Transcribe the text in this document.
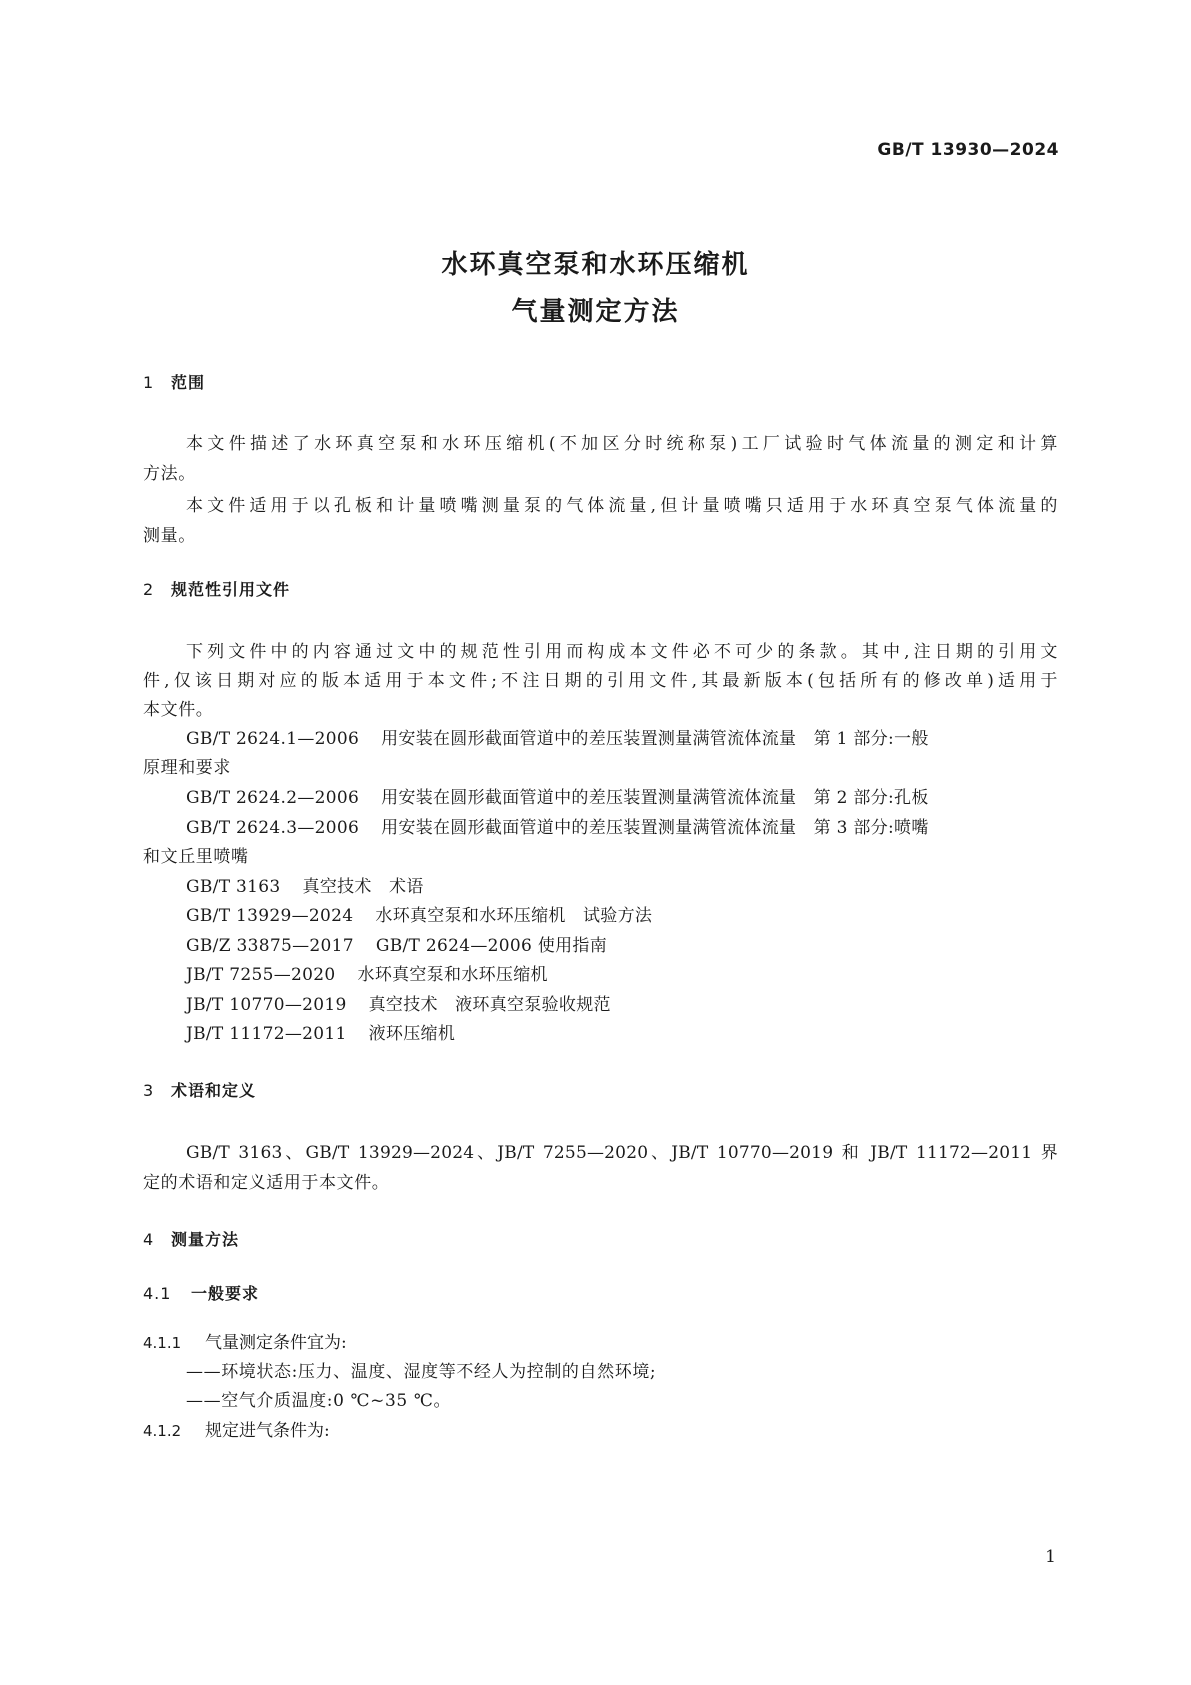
GB/T 13930—2024
水环真空泵和水环压缩机
气量测定方法
1 范围
本文件描述了水环真空泵和水环压缩机(不加区分时统称泵)工厂试验时气体流量的测定和计算
方法。
本文件适用于以孔板和计量喷嘴测量泵的气体流量,但计量喷嘴只适用于水环真空泵气体流量的
测量。
2 规范性引用文件
下列文件中的内容通过文中的规范性引用而构成本文件必不可少的条款。其中,注日期的引用文
件,仅该日期对应的版本适用于本文件;不注日期的引用文件,其最新版本(包括所有的修改单)适用于
本文件。
GB/T 2624.1—2006 用安装在圆形截面管道中的差压装置测量满管流体流量　第 1 部分:一般
原理和要求
GB/T 2624.2—2006 用安装在圆形截面管道中的差压装置测量满管流体流量　第 2 部分:孔板
GB/T 2624.3—2006 用安装在圆形截面管道中的差压装置测量满管流体流量　第 3 部分:喷嘴
和文丘里喷嘴
GB/T 3163 真空技术　术语
GB/T 13929—2024 水环真空泵和水环压缩机　试验方法
GB/Z 33875—2017 GB/T 2624—2006 使用指南
JB/T 7255—2020 水环真空泵和水环压缩机
JB/T 10770—2019 真空技术　液环真空泵验收规范
JB/T 11172—2011 液环压缩机
3 术语和定义
GB/T 3163、GB/T 13929—2024、JB/T 7255—2020、JB/T 10770—2019 和 JB/T 11172—2011 界
定的术语和定义适用于本文件。
4 测量方法
4.1 一般要求
4.1.1 气量测定条件宜为:
——环境状态:压力、温度、湿度等不经人为控制的自然环境;
——空气介质温度:0 ℃~35 ℃。
4.1.2 规定进气条件为:
1
